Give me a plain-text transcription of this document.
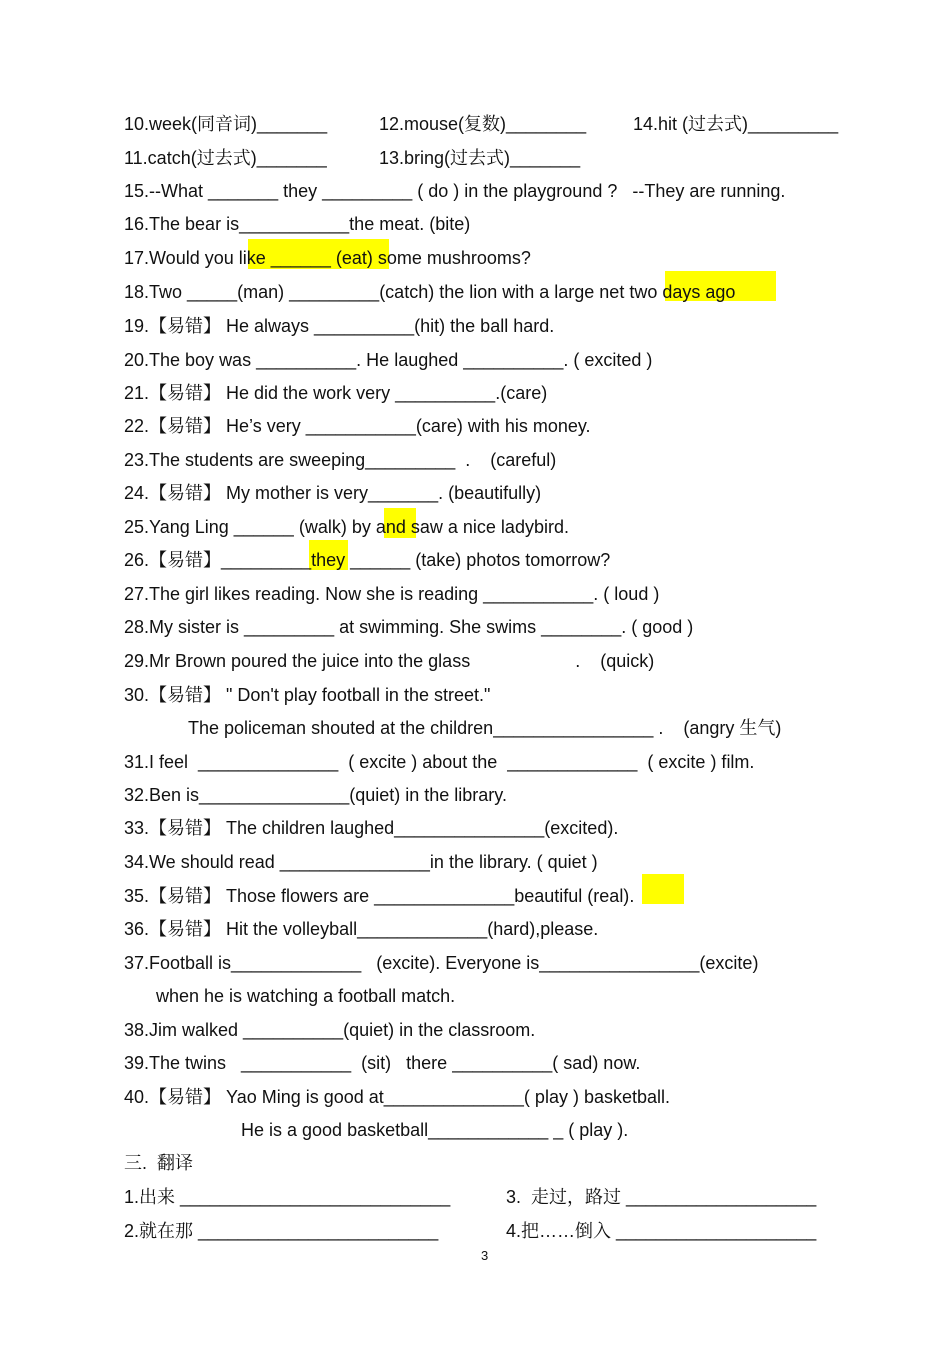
10.week(同音词)_______	12.mouse(复数)________	14.hit (过去式)_________
11.catch(过去式)_______	13.bring(过去式)_______
15.--What _______ they _________ ( do ) in the playground ?   --They are running.
16.The bear is___________the meat. (bite)
17.Would you like ______ (eat) some mushrooms?
18.Two _____(man) _________(catch) the lion with a large net two days ago
19.【易错】 He always __________(hit) the ball hard.
20.The boy was __________. He laughed __________. ( excited )
21.【易错】 He did the work very __________.(care)
22.【易错】 He’s very ___________(care) with his money.
23.The students are sweeping_________  .    (careful)
24.【易错】 My mother is very_______. (beautifully)
25.Yang Ling ______ (walk) by and saw a nice ladybird.
26.【易错】_________they ______ (take) photos tomorrow?
27.The girl likes reading. Now she is reading ___________. ( loud )
28.My sister is _________ at swimming. She swims ________. ( good )
29.Mr Brown poured the juice into the glass                     .    (quick)
30.【易错】 " Don't play football in the street."
The policeman shouted at the children________________ .    (angry 生气)
31.I feel  ______________  ( excite ) about the  _____________  ( excite ) film.
32.Ben is_______________(quiet) in the library.
33.【易错】 The children laughed_______________(excited).
34.We should read _______________in the library. ( quiet )
35.【易错】 Those flowers are ______________beautiful (real).
36.【易错】 Hit the volleyball_____________(hard),please.
37.Football is_____________   (excite). Everyone is________________(excite)
when he is watching a football match.
38.Jim walked __________(quiet) in the classroom.
39.The twins   ___________  (sit)   there __________( sad) now.
40.【易错】 Yao Ming is good at______________( play ) basketball.
He is a good basketball____________ _ ( play ).
三.  翻译
1.出来 ___________________________	3.  走过，路过 ___________________
2.就在那 ________________________	4.把……倒入 ____________________
3
